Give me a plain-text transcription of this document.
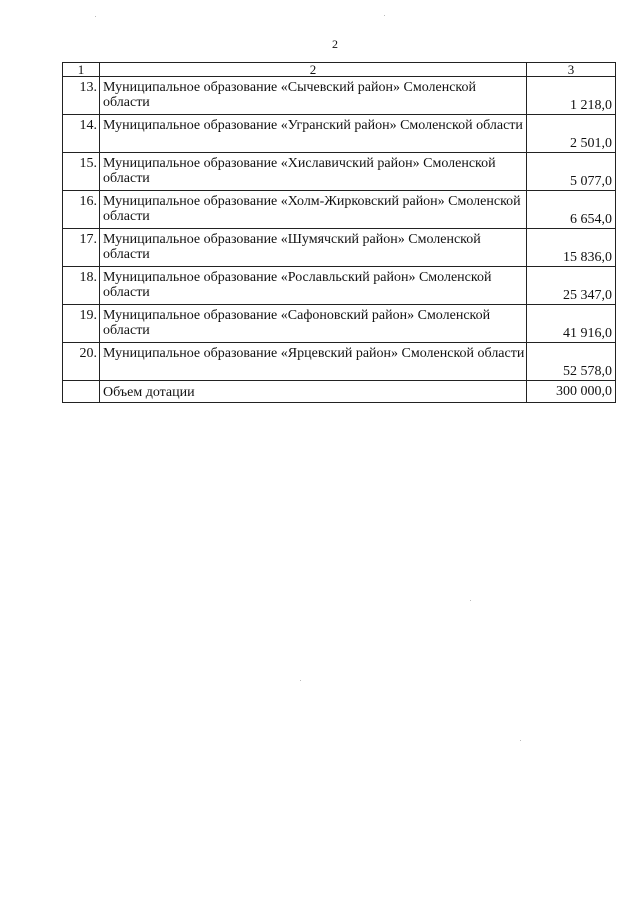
2
1	2	3
13.	Муниципальное образование «Сычевский район» Смоленской области	1 218,0
14.	Муниципальное образование «Угранский район» Смоленской области	2 501,0
15.	Муниципальное образование «Хиславичский район» Смоленской области	5 077,0
16.	Муниципальное образование «Холм-Жирковский район» Смоленской области	6 654,0
17.	Муниципальное образование «Шумячский район» Смоленской области	15 836,0
18.	Муниципальное образование «Рославльский район» Смоленской области	25 347,0
19.	Муниципальное образование «Сафоновский район» Смоленской области	41 916,0
20.	Муниципальное образование «Ярцевский район» Смоленской области	52 578,0
	Объем дотации	300 000,0
